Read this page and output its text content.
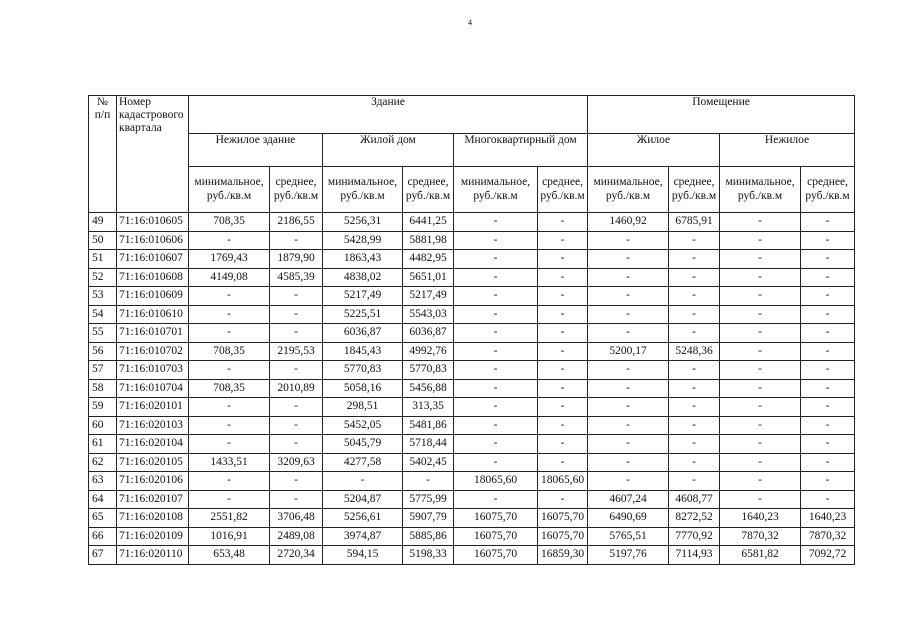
4
№ п/п	Номер кадастрового квартала	Здание						Помещение			
		Нежилое здание		Жилой дом		Многоквартирный дом		Жилое		Нежилое	
		минимальное, руб./кв.м	среднее, руб./кв.м	минимальное, руб./кв.м	среднее, руб./кв.м	минимальное, руб./кв.м	среднее, руб./кв.м	минимальное, руб./кв.м	среднее, руб./кв.м	минимальное, руб./кв.м	среднее, руб./кв.м
49	71:16:010605	708,35	2186,55	5256,31	6441,25	-	-	1460,92	6785,91	-	-
50	71:16:010606	-	-	5428,99	5881,98	-	-	-	-	-	-
51	71:16:010607	1769,43	1879,90	1863,43	4482,95	-	-	-	-	-	-
52	71:16:010608	4149,08	4585,39	4838,02	5651,01	-	-	-	-	-	-
53	71:16:010609	-	-	5217,49	5217,49	-	-	-	-	-	-
54	71:16:010610	-	-	5225,51	5543,03	-	-	-	-	-	-
55	71:16:010701	-	-	6036,87	6036,87	-	-	-	-	-	-
56	71:16:010702	708,35	2195,53	1845,43	4992,76	-	-	5200,17	5248,36	-	-
57	71:16:010703	-	-	5770,83	5770,83	-	-	-	-	-	-
58	71:16:010704	708,35	2010,89	5058,16	5456,88	-	-	-	-	-	-
59	71:16:020101	-	-	298,51	313,35	-	-	-	-	-	-
60	71:16:020103	-	-	5452,05	5481,86	-	-	-	-	-	-
61	71:16:020104	-	-	5045,79	5718,44	-	-	-	-	-	-
62	71:16:020105	1433,51	3209,63	4277,58	5402,45	-	-	-	-	-	-
63	71:16:020106	-	-	-	-	18065,60	18065,60	-	-	-	-
64	71:16:020107	-	-	5204,87	5775,99	-	-	4607,24	4608,77	-	-
65	71:16:020108	2551,82	3706,48	5256,61	5907,79	16075,70	16075,70	6490,69	8272,52	1640,23	1640,23
66	71:16:020109	1016,91	2489,08	3974,87	5885,86	16075,70	16075,70	5765,51	7770,92	7870,32	7870,32
67	71:16:020110	653,48	2720,34	594,15	5198,33	16075,70	16859,30	5197,76	7114,93	6581,82	7092,72
